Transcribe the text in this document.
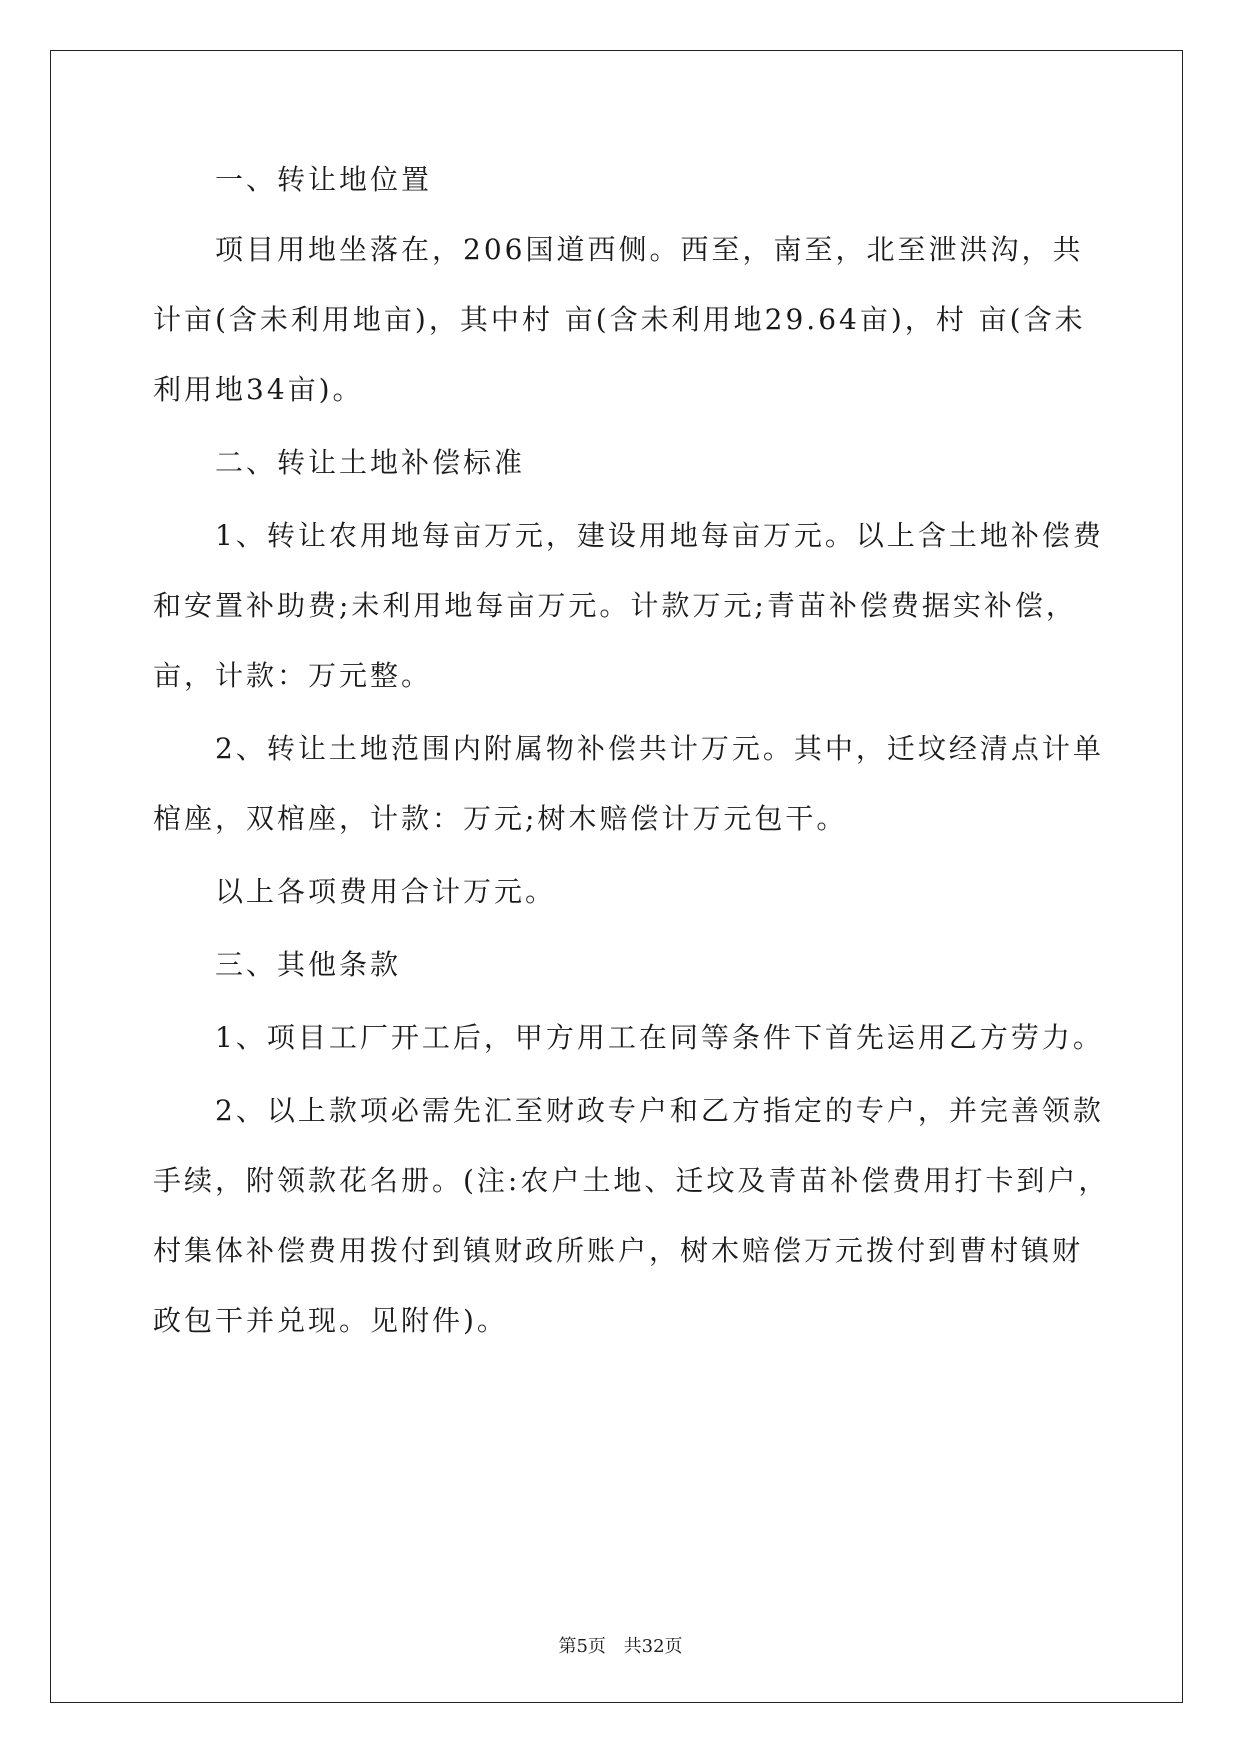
一、转让地位置
项目用地坐落在，206国道西侧。西至，南至，北至泄洪沟，共
计亩(含未利用地亩)，其中村 亩(含未利用地29.64亩)，村 亩(含未
利用地34亩)。
二、转让土地补偿标准
1、转让农用地每亩万元，建设用地每亩万元。以上含土地补偿费
和安置补助费;未利用地每亩万元。计款万元;青苗补偿费据实补偿，
亩，计款：万元整。
2、转让土地范围内附属物补偿共计万元。其中，迁坟经清点计单
棺座，双棺座，计款：万元;树木赔偿计万元包干。
以上各项费用合计万元。
三、其他条款
1、项目工厂开工后，甲方用工在同等条件下首先运用乙方劳力。
2、以上款项必需先汇至财政专户和乙方指定的专户，并完善领款
手续，附领款花名册。(注:农户土地、迁坟及青苗补偿费用打卡到户，
村集体补偿费用拨付到镇财政所账户，树木赔偿万元拨付到曹村镇财
政包干并兑现。见附件)。
第5页 共32页
